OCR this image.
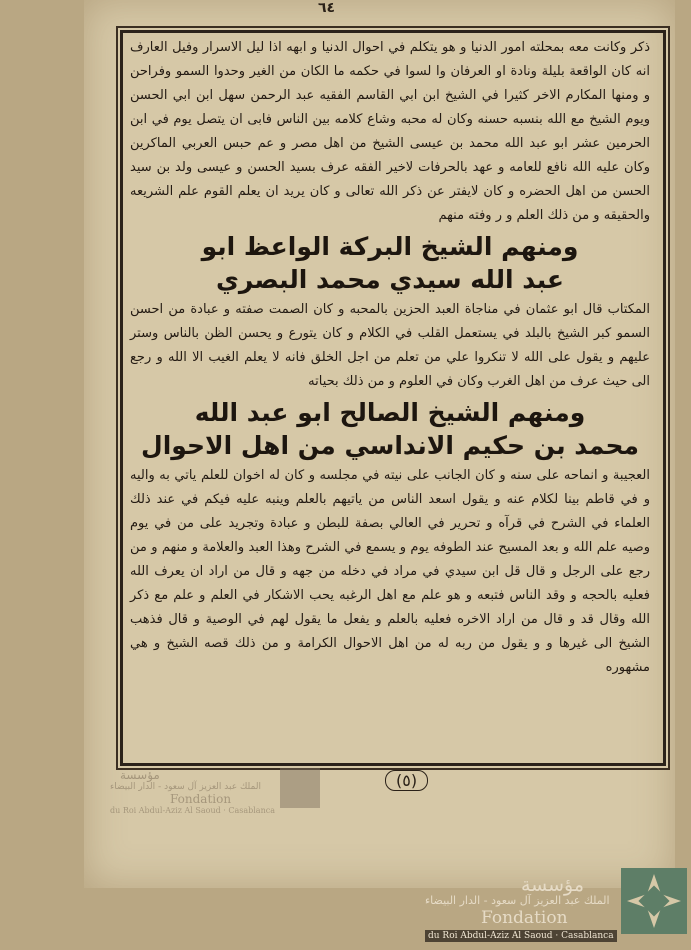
٦٤

ذكر وكانت معه بمحلته امور الدنيا و هو يتكلم في احوال الدنيا و ابهه اذا ليل الاسرار وفيل العارف انه كان الواقعة بليلة ونادة او العرفان وا لسوا في حكمه ما الكان من الغير وحدوا السمو وفراحن و ومنها المكارم الاخر كثيرا في الشيخ ابن ابي القاسم الفقيه عبد الرحمن سهل ابن ابي الحسن ويوم الشيخ مع الله بنسبه حسنه وكان له محبه وشاع كلامه بين الناس فابى ان يتصل يوم في ابن الحرمين عشر ابو عبد الله محمد بن عيسى الشيخ من اهل مصر و عم حبس العربي الماكرين وكان عليه الله نافع للعامه و عهد بالحرفات لاخير الفقه عرف بسيد الحسن و عيسى ولد بن سيد الحسن من اهل الحضره و كان لايفتر عن ذكر الله تعالى و كان يريد ان يعلم القوم علم الشريعه والحقيقه و من ذلك العلم و ر وفته منهم

ومنهم الشيخ البركة الواعظ ابو
عبد الله سيدي محمد البصري

المكتاب قال ابو عثمان في مناجاة العبد الحزين بالمحبه و كان الصمت صفته و عبادة من احسن السمو كبر الشيخ بالبلد في يستعمل القلب في الكلام و كان يتورع و يحسن الظن بالناس وستر عليهم و يقول على الله لا تنكروا علي من تعلم من اجل الخلق فانه لا يعلم الغيب الا الله و رجع الى حيث عرف من اهل الغرب وكان في العلوم و من ذلك بحياته

ومنهم الشيخ الصالح ابو عبد الله
محمد بن حكيم الانداسي من اهل الاحوال

العجيبة و انماحه على سنه و كان الجانب على نيته في مجلسه و كان له اخوان للعلم ياتي به واليه و في قاطم بينا لكلام عنه و يقول اسعد الناس من ياتيهم بالعلم وينبه عليه فيكم في عند ذلك العلماء في الشرح في قرآه و تحرير في العالي بصفة للبطن و عبادة وتجريد على من في يوم وصيه علم الله و بعد المسيح عند الطوفه يوم و يسمع في الشرح وهذا العبد والعلامة و منهم و من رجع على الرجل و قال قل ابن سيدي في مراد في دخله من جهه و قال من اراد ان يعرف الله فعليه بالحجه و وقد الناس فتبعه و هو علم مع اهل الرغبه يحب الاشكار في العلم و علم مع ذكر الله وقال قد و قال من اراد الاخره فعليه بالعلم و يفعل ما يقول لهم في الوصية و قال فذهب الشيخ الى غيرها و و يقول من ربه له من اهل الاحوال الكرامة و من ذلك قصه الشيخ و هي مشهوره

(٥)
مؤسسة
الملك عبد العزيز آل سعود - الدار البيضاء
Fondation
du Roi Abdul-Aziz Al Saoud · Casablanca
مؤسسة
الملك عبد العزيز آل سعود - الدار البيضاء
Fondation
du Roi Abdul-Aziz Al Saoud · Casablanca
